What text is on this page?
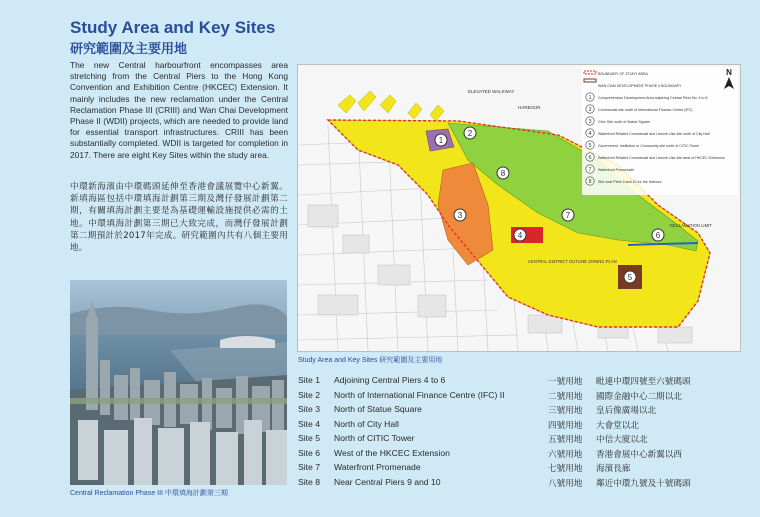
Study Area and Key Sites
研究範圍及主要用地
The new Central harbourfront encompasses area stretching from the Central Piers to the Hong Kong Convention and Exhibition Centre (HKCEC) Extension. It mainly includes the new reclamation under the Central Reclamation Phase III (CRIII) and Wan Chai Development Phase II (WDII) projects, which are needed to provide land for essential transport infrastructures. CRIII has been substantially completed. WDII is targeted for completion in 2017. There are eight Key Sites within the study area.
中環新海濱由中環碼頭延伸至香港會議展覽中心新翼。新填海區包括中環填海計劃第三期及灣仔發展計劃第二期，有關填海計劃主要是為基礎運輸設施提供必需的土地。中環填海計劃第三期已大致完成，而灣仔發展計劃第二期預計於2017年完成。研究範圍內共有八個主要用地。
Central Reclamation Phase III 中環填海計劃第三期
1
2
3
4
5
6
7
8
BOUNDARY OF STUDY AREA
WAN CHAI DEVELOPMENT PHASE II BOUNDARY
1 Comprehensive Development Area adjoining Central Piers No. 4 to 6
2 Commercial site north of International Finance Centre (IFC)
3 Civic Site north of Statue Square
4 Waterfront Related Commercial and Leisure Use site north of City Hall
5 Government, Institution or Community site north of CITIC Tower
6 Waterfront Related Commercial and Leisure Use site west of HKCEC Extension
7 Waterfront Promenade
8 Site near Piers 9 and 10 for the Harbour
N
ELEVATED WALKWAY
HARBOUR
RECLAMATION LIMIT
CENTRAL DISTRICT OUTLINE ZONING PLAN
Study Area and Key Sites 研究範圍及主要用地
Site 1 Adjoining Central Piers 4 to 6	一號用地 毗連中環四號至六號碼頭
Site 2 North of International Finance Centre (IFC) II	二號用地 國際金融中心二期以北
Site 3 North of Statue Square	三號用地 皇后像廣場以北
Site 4 North of City Hall	四號用地 大會堂以北
Site 5 North of CITIC Tower	五號用地 中信大廈以北
Site 6 West of the HKCEC Extension	六號用地 香港會展中心新翼以西
Site 7 Waterfront Promenade	七號用地 海濱長廊
Site 8 Near Central Piers 9 and 10	八號用地 鄰近中環九號及十號碼頭
